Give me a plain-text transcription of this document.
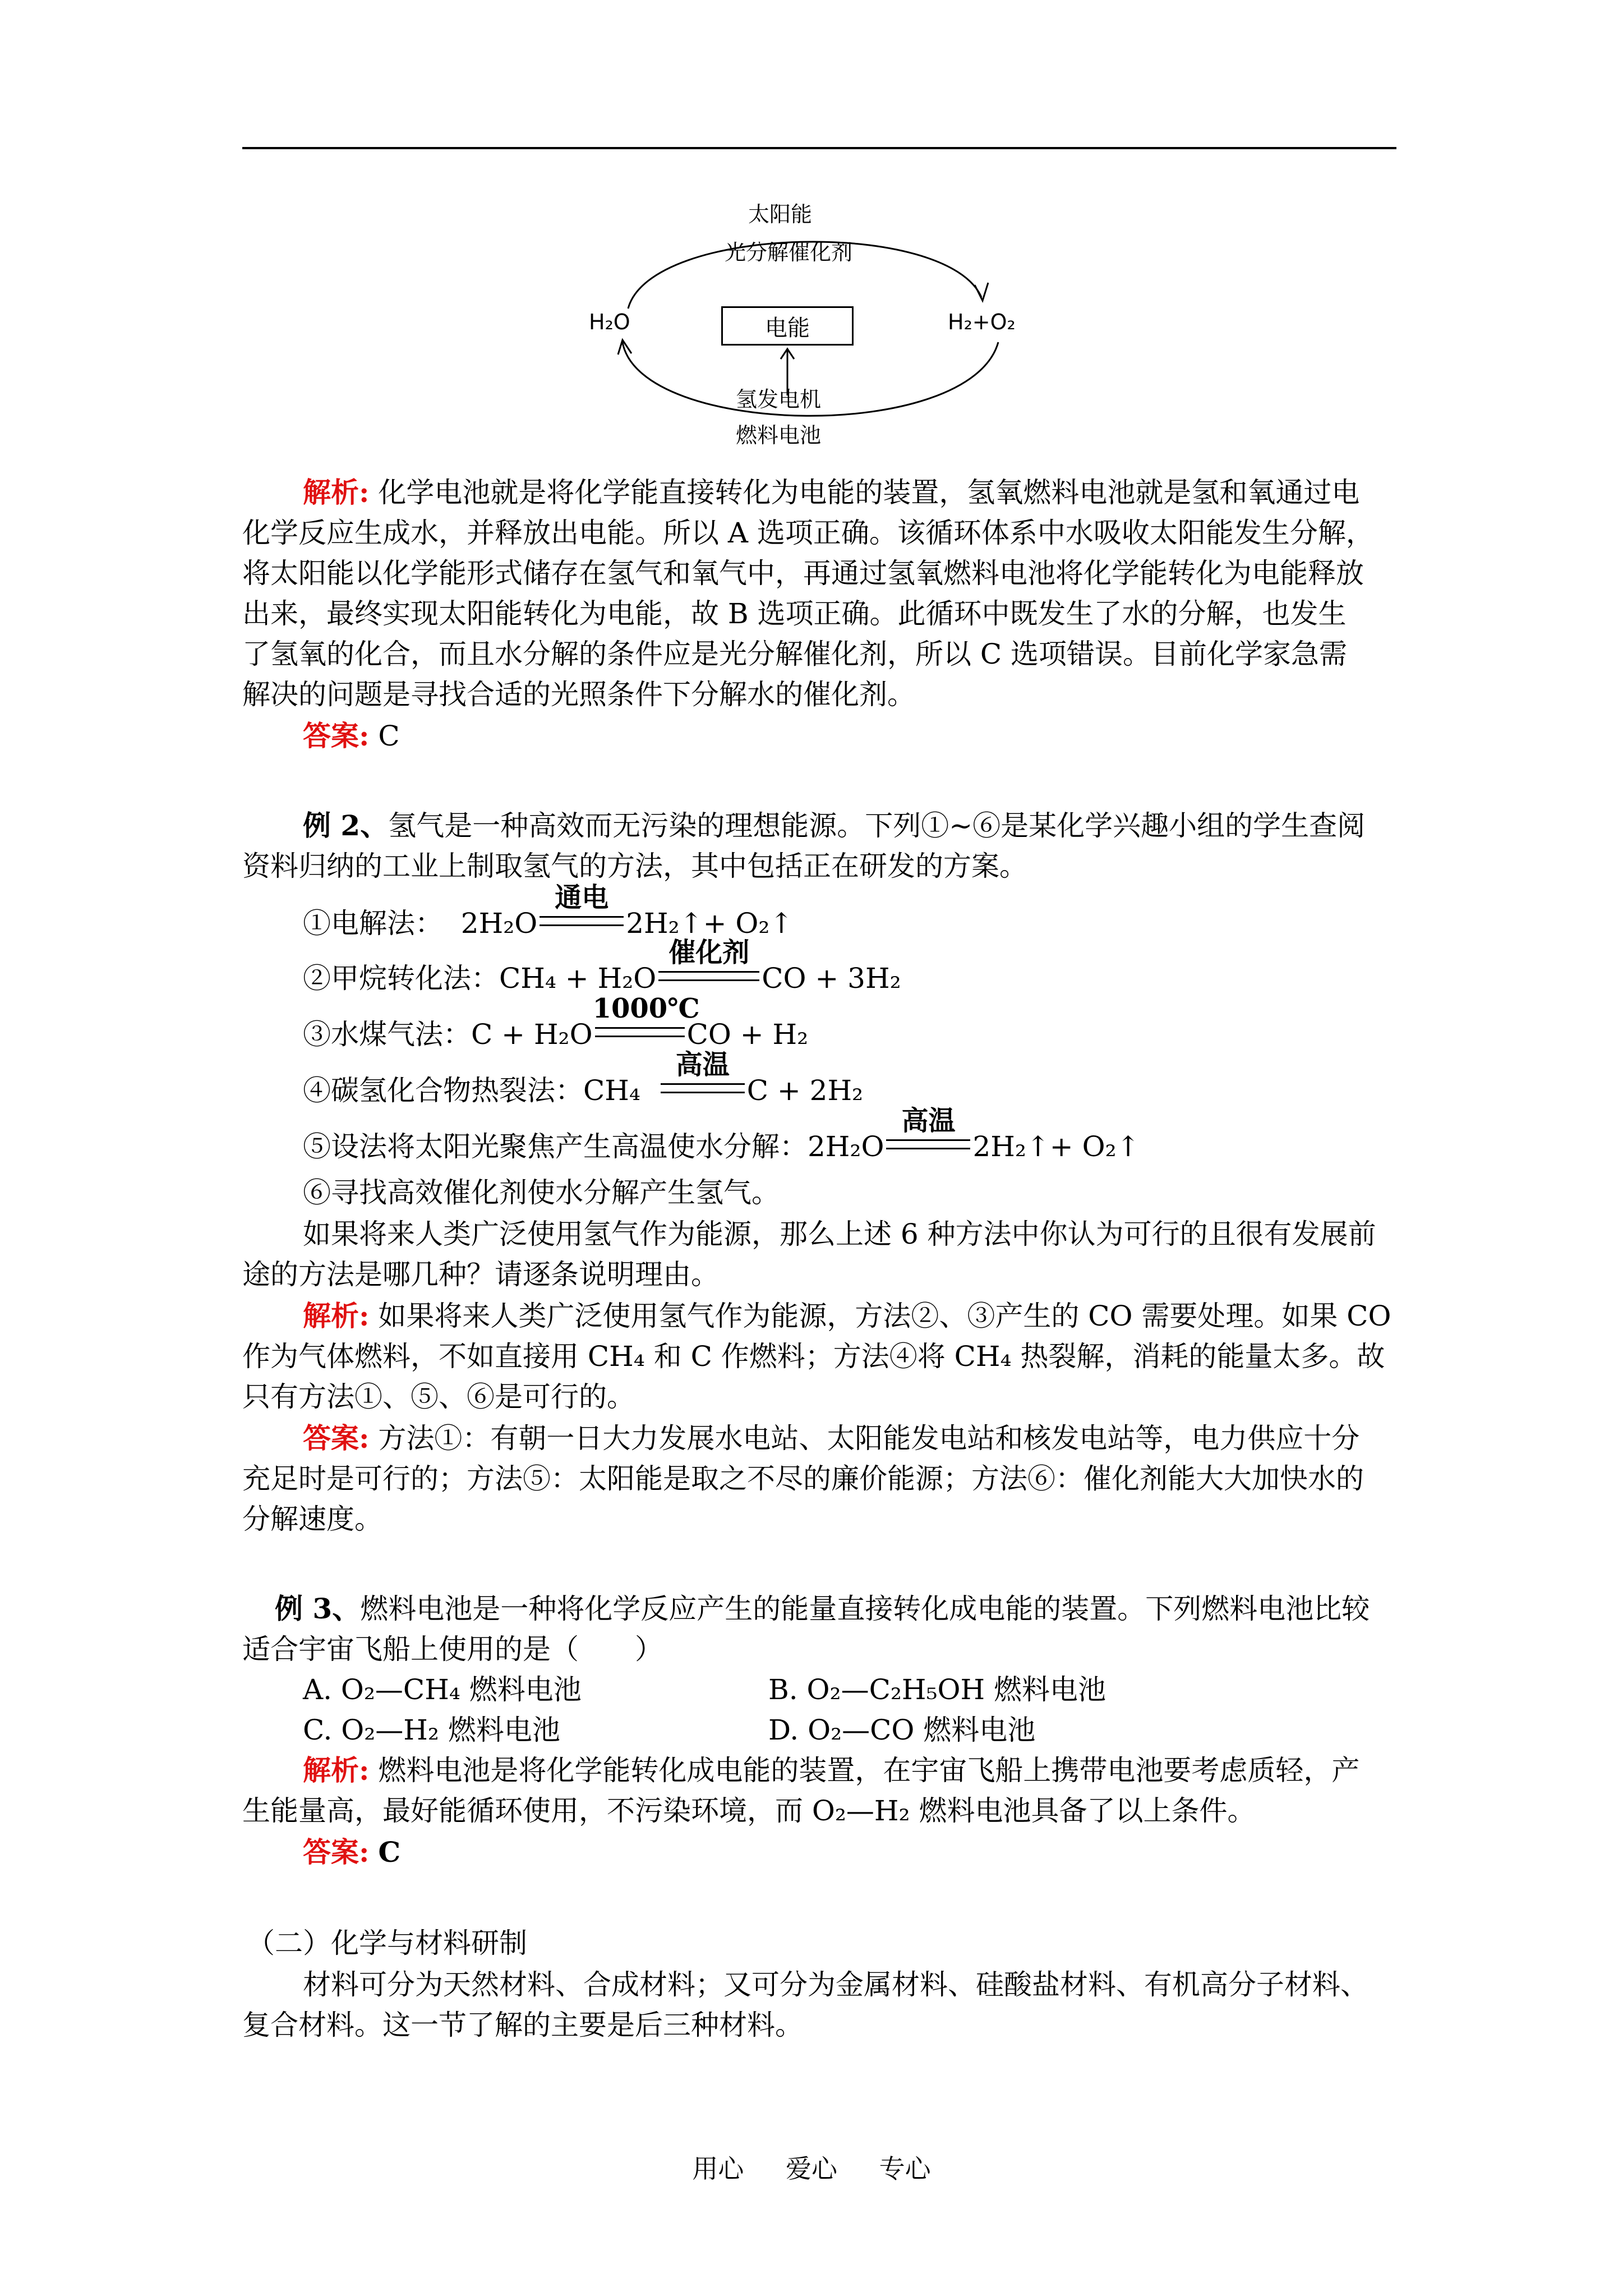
太阳能
光分解催化剂
H₂O	H₂+O₂
电能
氢发电机
燃料电池
解析: 化学电池就是将化学能直接转化为电能的装置，氢氧燃料电池就是氢和氧通过电
化学反应生成水，并释放出电能。所以 A 选项正确。该循环体系中水吸收太阳能发生分解，
将太阳能以化学能形式储存在氢气和氧气中，再通过氢氧燃料电池将化学能转化为电能释放
出来，最终实现太阳能转化为电能，故 B 选项正确。此循环中既发生了水的分解，也发生
了氢氧的化合，而且水分解的条件应是光分解催化剂，所以 C 选项错误。目前化学家急需
解决的问题是寻找合适的光照条件下分解水的催化剂。
答案: C
例 2、氢气是一种高效而无污染的理想能源。下列①~⑥是某化学兴趣小组的学生查阅
资料归纳的工业上制取氢气的方法，其中包括正在研发的方案。
①电解法： 2H₂O
通电
2H₂↑+ O₂↑
②甲烷转化法：CH₄ + H₂O
催化剂
CO + 3H₂
③水煤气法：C + H₂O
1000℃
CO + H₂
④碳氢化合物热裂法：CH₄
高温
C + 2H₂
⑤设法将太阳光聚焦产生高温使水分解：2H₂O
高温
2H₂↑+ O₂↑
⑥寻找高效催化剂使水分解产生氢气。
如果将来人类广泛使用氢气作为能源，那么上述 6 种方法中你认为可行的且很有发展前
途的方法是哪几种？请逐条说明理由。
解析: 如果将来人类广泛使用氢气作为能源，方法②、③产生的 CO 需要处理。如果 CO
作为气体燃料，不如直接用 CH₄ 和 C 作燃料；方法④将 CH₄ 热裂解，消耗的能量太多。故
只有方法①、⑤、⑥是可行的。
答案: 方法①：有朝一日大力发展水电站、太阳能发电站和核发电站等，电力供应十分
充足时是可行的；方法⑤：太阳能是取之不尽的廉价能源；方法⑥：催化剂能大大加快水的
分解速度。
例 3、燃料电池是一种将化学反应产生的能量直接转化成电能的装置。下列燃料电池比较
适合宇宙飞船上使用的是（　　）
A. O₂—CH₄ 燃料电池	B. O₂—C₂H₅OH 燃料电池
C. O₂—H₂ 燃料电池	D. O₂—CO 燃料电池
解析: 燃料电池是将化学能转化成电能的装置，在宇宙飞船上携带电池要考虑质轻，产
生能量高，最好能循环使用，不污染环境，而 O₂—H₂ 燃料电池具备了以上条件。
答案: C
（二）化学与材料研制
材料可分为天然材料、合成材料；又可分为金属材料、硅酸盐材料、有机高分子材料、
复合材料。这一节了解的主要是后三种材料。
用心 爱心 专心
